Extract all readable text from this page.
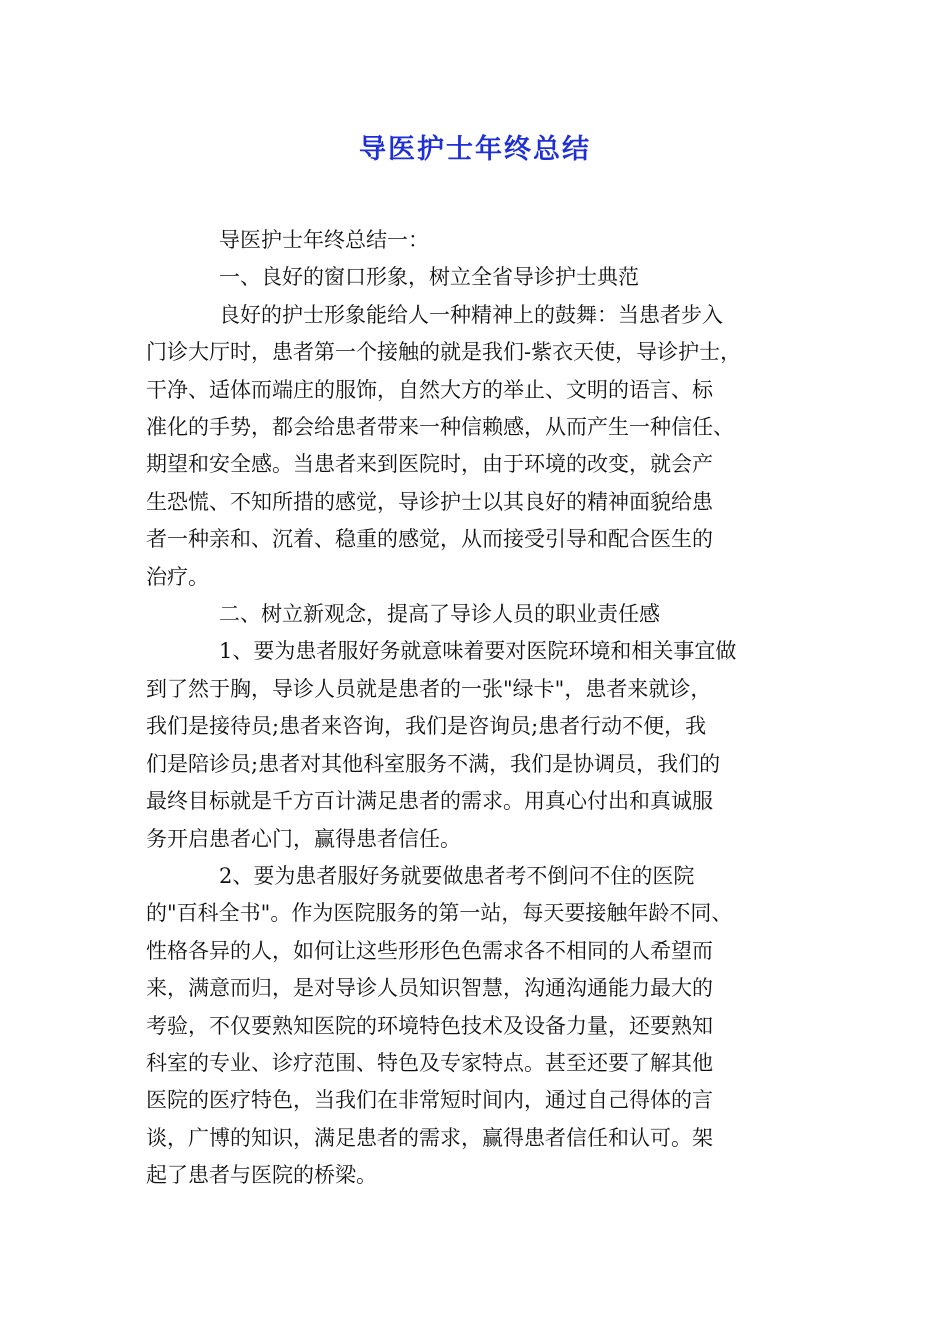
导医护士年终总结

导医护士年终总结一：

一、良好的窗口形象，树立全省导诊护士典范

良好的护士形象能给人一种精神上的鼓舞：当患者步入
门诊大厅时，患者第一个接触的就是我们-紫衣天使，导诊护士，
干净、适体而端庄的服饰，自然大方的举止、文明的语言、标
准化的手势，都会给患者带来一种信赖感，从而产生一种信任、
期望和安全感。当患者来到医院时，由于环境的改变，就会产
生恐慌、不知所措的感觉，导诊护士以其良好的精神面貌给患
者一种亲和、沉着、稳重的感觉，从而接受引导和配合医生的
治疗。

二、树立新观念，提高了导诊人员的职业责任感

1、要为患者服好务就意味着要对医院环境和相关事宜做
到了然于胸，导诊人员就是患者的一张"绿卡"，患者来就诊，
我们是接待员;患者来咨询，我们是咨询员;患者行动不便，我
们是陪诊员;患者对其他科室服务不满，我们是协调员，我们的
最终目标就是千方百计满足患者的需求。用真心付出和真诚服
务开启患者心门，赢得患者信任。

2、要为患者服好务就要做患者考不倒问不住的医院
的"百科全书"。作为医院服务的第一站，每天要接触年龄不同、
性格各异的人，如何让这些形形色色需求各不相同的人希望而
来，满意而归，是对导诊人员知识智慧，沟通沟通能力最大的
考验，不仅要熟知医院的环境特色技术及设备力量，还要熟知
科室的专业、诊疗范围、特色及专家特点。甚至还要了解其他
医院的医疗特色，当我们在非常短时间内，通过自己得体的言
谈，广博的知识，满足患者的需求，赢得患者信任和认可。架
起了患者与医院的桥梁。
